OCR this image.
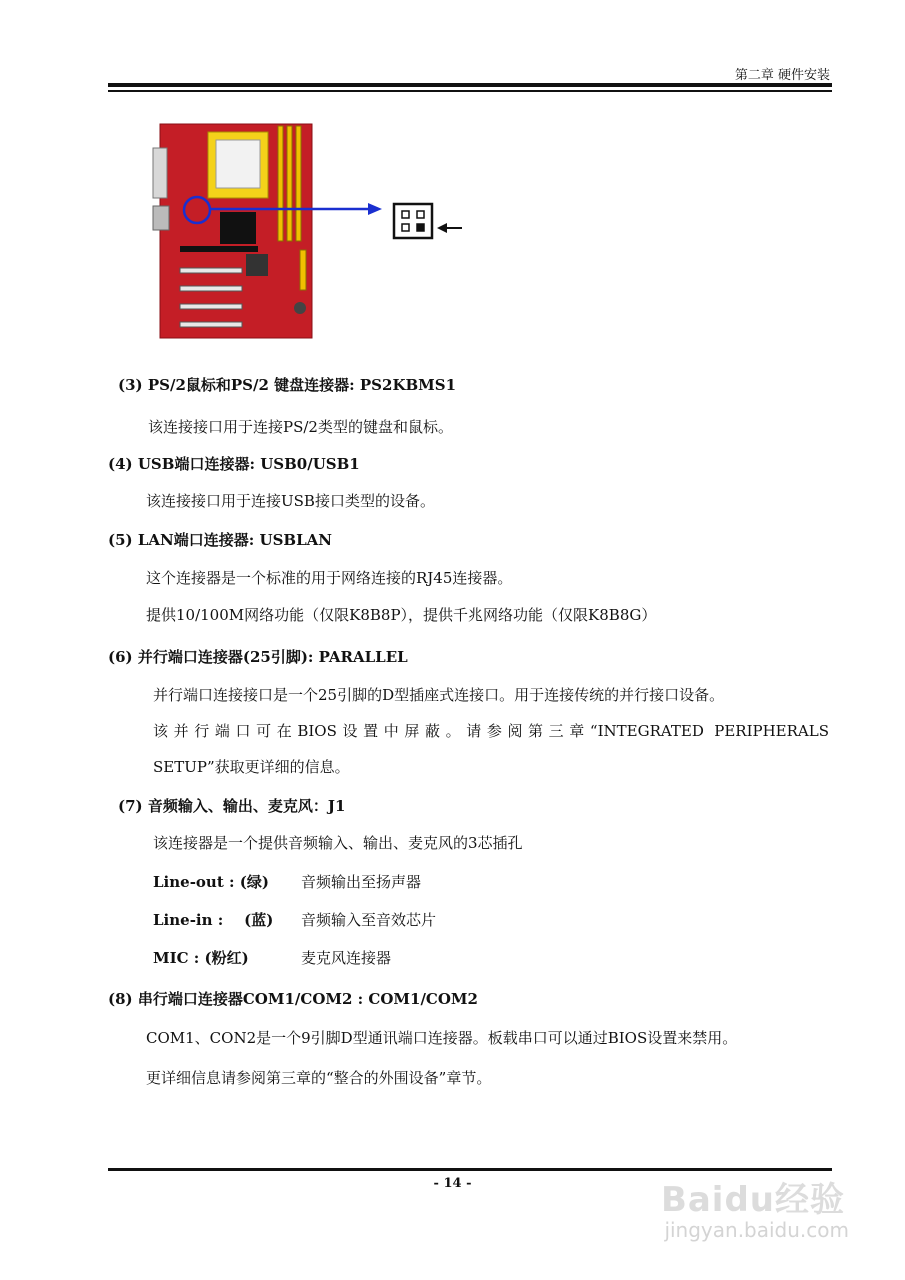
第二章 硬件安装
(3) PS/2鼠标和PS/2 键盘连接器: PS2KBMS1
该连接接口用于连接PS/2类型的键盘和鼠标。
(4) USB端口连接器: USB0/USB1
该连接接口用于连接USB接口类型的设备。
(5) LAN端口连接器: USBLAN
这个连接器是一个标准的用于网络连接的RJ45连接器。
提供10/100M网络功能（仅限K8B8P），提供千兆网络功能（仅限K8B8G）
(6) 并行端口连接器(25引脚): PARALLEL
并行端口连接接口是一个25引脚的D型插座式连接口。用于连接传统的并行接口设备。
该并行端口可在BIOS设置中屏蔽。请参阅第三章“INTEGRATED PERIPHERALS
SETUP”获取更详细的信息。
(7) 音频输入、输出、麦克风：J1
该连接器是一个提供音频输入、输出、麦克风的3芯插孔
Line-out : (绿) 音频输出至扬声器
Line-in :    (蓝) 音频输入至音效芯片
MIC : (粉红)	麦克风连接器
(8) 串行端口连接器COM1/COM2 : COM1/COM2
COM1、CON2是一个9引脚D型通讯端口连接器。板载串口可以通过BIOS设置来禁用。
更详细信息请参阅第三章的“整合的外围设备”章节。
- 14 -	Baidu经验
jingyan.baidu.com
